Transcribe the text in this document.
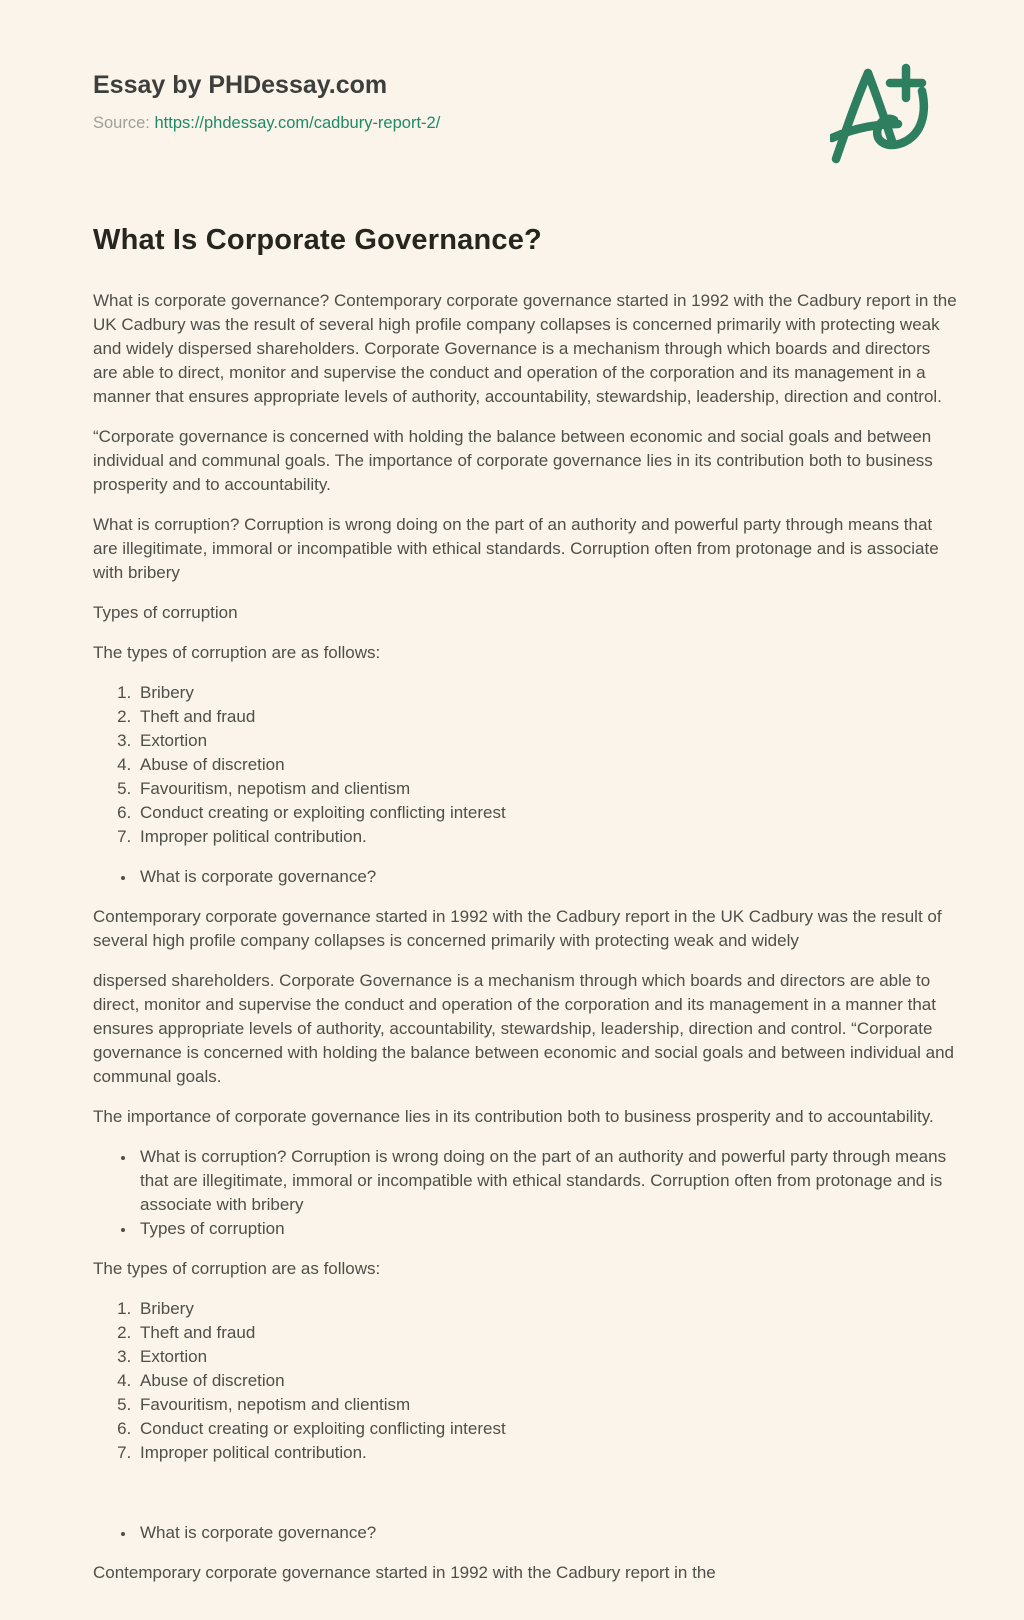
Essay by PHDessay.com
Source: https://phdessay.com/cadbury-report-2/
What Is Corporate Governance?

What is corporate governance? Contemporary corporate governance started in 1992 with the Cadbury report in the UK Cadbury was the result of several high profile company collapses is concerned primarily with protecting weak and widely dispersed shareholders. Corporate Governance is a mechanism through which boards and directors are able to direct, monitor and supervise the conduct and operation of the corporation and its management in a manner that ensures appropriate levels of authority, accountability, stewardship, leadership, direction and control.

“Corporate governance is concerned with holding the balance between economic and social goals and between individual and communal goals. The importance of corporate governance lies in its contribution both to business prosperity and to accountability.

What is corruption? Corruption is wrong doing on the part of an authority and powerful party through means that are illegitimate, immoral or incompatible with ethical standards. Corruption often from protonage and is associate with bribery

Types of corruption

The types of corruption are as follows:

1. Bribery
2. Theft and fraud
3. Extortion
4. Abuse of discretion
5. Favouritism, nepotism and clientism
6. Conduct creating or exploiting conflicting interest
7. Improper political contribution.
• What is corporate governance?

Contemporary corporate governance started in 1992 with the Cadbury report in the UK Cadbury was the result of several high profile company collapses is concerned primarily with protecting weak and widely

dispersed shareholders. Corporate Governance is a mechanism through which boards and directors are able to direct, monitor and supervise the conduct and operation of the corporation and its management in a manner that ensures appropriate levels of authority, accountability, stewardship, leadership, direction and control. “Corporate governance is concerned with holding the balance between economic and social goals and between individual and communal goals.

The importance of corporate governance lies in its contribution both to business prosperity and to accountability.

• What is corruption? Corruption is wrong doing on the part of an authority and powerful party through means that are illegitimate, immoral or incompatible with ethical standards. Corruption often from protonage and is associate with bribery
• Types of corruption

The types of corruption are as follows:

1. Bribery
2. Theft and fraud
3. Extortion
4. Abuse of discretion
5. Favouritism, nepotism and clientism
6. Conduct creating or exploiting conflicting interest
7. Improper political contribution.
• What is corporate governance?

Contemporary corporate governance started in 1992 with the Cadbury report in the
